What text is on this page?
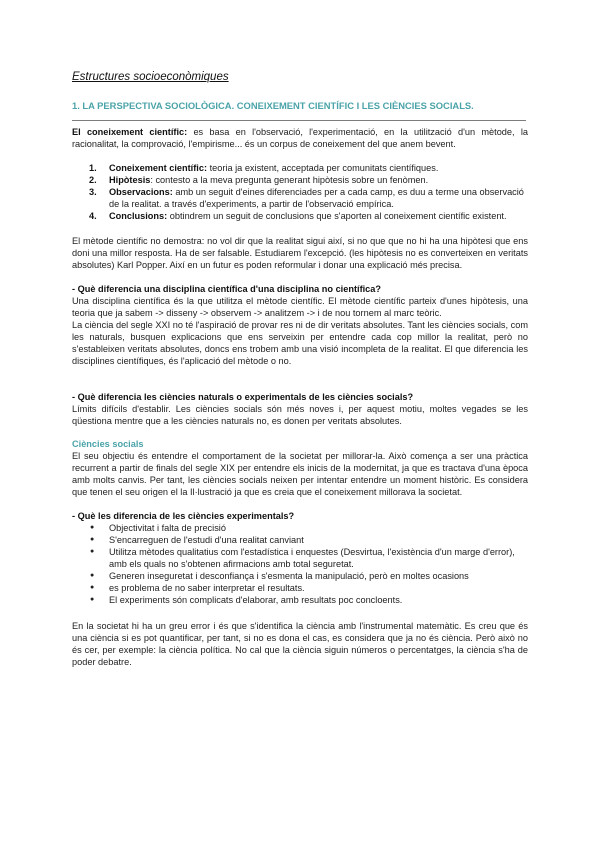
Estructures socioeconòmiques
1. LA PERSPECTIVA SOCIOLÒGICA. CONEIXEMENT CIENTÍFIC I LES CIÈNCIES SOCIALS.

El coneixement científic: es basa en l'observació, l'experimentació, en la utilització d'un mètode, la racionalitat, la comprovació, l'empirisme... és un corpus de coneixement del que anem bevent.

1. Coneixement científic: teoria ja existent, acceptada per comunitats científiques.
2. Hipòtesis: contesto a la meva pregunta generant hipòtesis sobre un fenòmen.
3. Observacions: amb un seguit d'eines diferenciades per a cada camp, es duu a terme una observació de la realitat. a través d'experiments, a partir de l'observació empírica.
4. Conclusions: obtindrem un seguit de conclusions que s'aporten al coneixement científic existent.

El mètode científic no demostra: no vol dir que la realitat sigui així, si no que que no hi ha una hipòtesi que ens doni una millor resposta. Ha de ser falsable. Estudiarem l'excepció. (les hipòtesis no es converteixen en veritats absolutes) Karl Popper. Així en un futur es poden reformular i donar una explicació més precisa.

- Què diferencia una disciplina científica d'una disciplina no científica?

Una disciplina científica és la que utilitza el mètode científic. El mètode científic parteix d'unes hipòtesis, una teoria que ja sabem -> disseny -> observem -> analitzem -> i de nou tornem al marc teòric.

La ciència del segle XXI no té l'aspiració de provar res ni de dir veritats absolutes. Tant les ciències socials, com les naturals, busquen explicacions que ens serveixin per entendre cada cop millor la realitat, però no s'estableixen veritats absolutes, doncs ens trobem amb una visió incompleta de la realitat. El que diferencia les disciplines científiques, és l'aplicació del mètode o no.

- Què diferencia les ciències naturals o experimentals de les ciències socials?

Límits difícils d'establir. Les ciències socials són més noves i, per aquest motiu, moltes vegades se les qüestiona mentre que a les ciències naturals no, es donen per veritats absolutes.

Ciències socials

El seu objectiu és entendre el comportament de la societat per millorar-la. Això comença a ser una pràctica recurrent a partir de finals del segle XIX per entendre els inicis de la modernitat, ja que es tractava d'una època amb molts canvis. Per tant, les ciències socials neixen per intentar entendre un moment històric. Es considera que tenen el seu origen el la Il·lustració ja que es creia que el coneixement millorava la societat.

- Què les diferencia de les ciències experimentals?
● Objectivitat i falta de precisió
● S'encarreguen de l'estudi d'una realitat canviant
● Utilitza mètodes qualitatius com l'estadística i enquestes (Desvirtua, l'existència d'un marge d'error), amb els quals no s'obtenen afirmacions amb total seguretat.
● Generen inseguretat i desconfiança i s'esmenta la manipulació, però en moltes ocasions
● es problema de no saber interpretar el resultats.
● El experiments són complicats d'elaborar, amb resultats poc concloents.

En la societat hi ha un greu error i és que s'identifica la ciència amb l'instrumental matemàtic. Es creu que és una ciència si es pot quantificar, per tant, si no es dona el cas, es considera que ja no és ciència. Però això no és cer, per exemple: la ciència política. No cal que la ciència siguin números o percentatges, la ciència s'ha de poder debatre.
